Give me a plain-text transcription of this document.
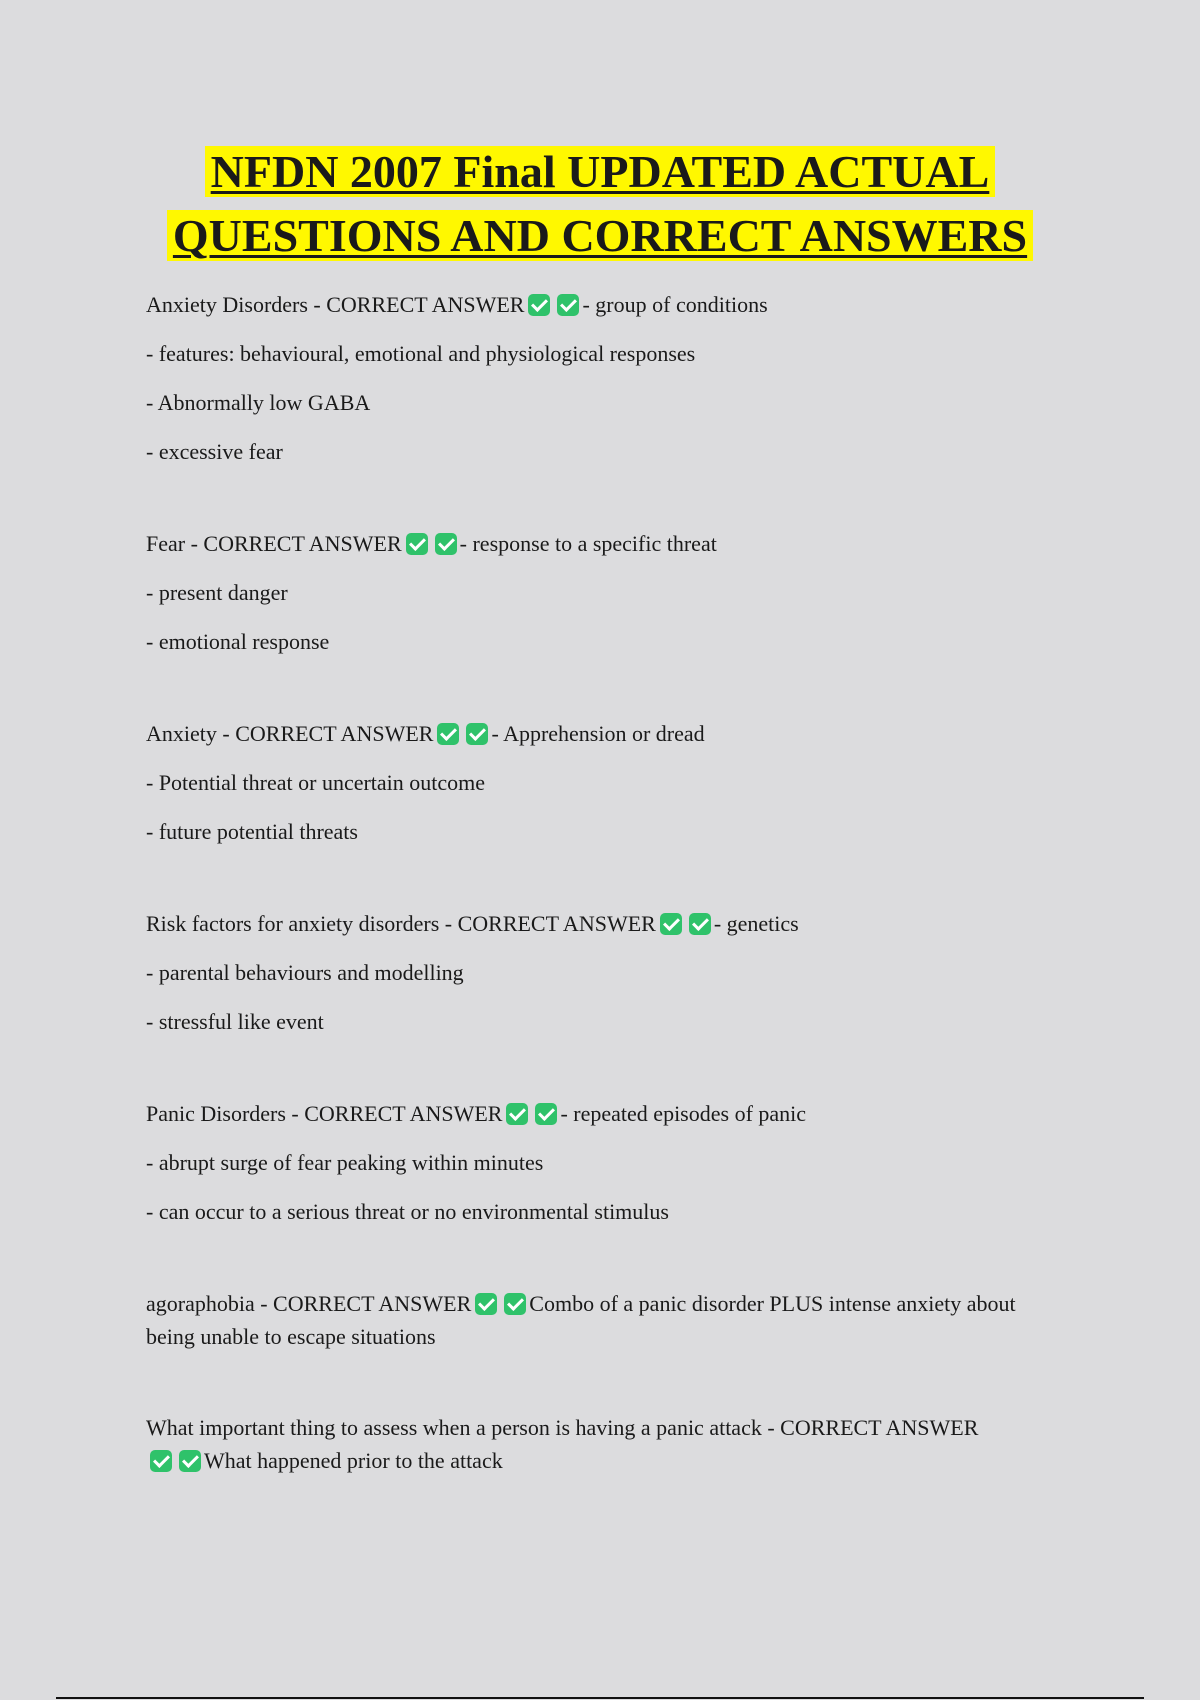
NFDN 2007 Final UPDATED ACTUAL QUESTIONS AND CORRECT ANSWERS
Anxiety Disorders - CORRECT ANSWER	- group of conditions
- features: behavioural, emotional and physiological responses
- Abnormally low GABA
- excessive fear
Fear - CORRECT ANSWER	- response to a specific threat
- present danger
- emotional response
Anxiety - CORRECT ANSWER	- Apprehension or dread
- Potential threat or uncertain outcome
- future potential threats
Risk factors for anxiety disorders - CORRECT ANSWER	- genetics
- parental behaviours and modelling
- stressful like event
Panic Disorders - CORRECT ANSWER	- repeated episodes of panic
- abrupt surge of fear peaking within minutes
- can occur to a serious threat or no environmental stimulus
agoraphobia - CORRECT ANSWER	Combo of a panic disorder PLUS intense anxiety about being unable to escape situations
What important thing to assess when a person is having a panic attack - CORRECT ANSWERWhat happened prior to the attack
